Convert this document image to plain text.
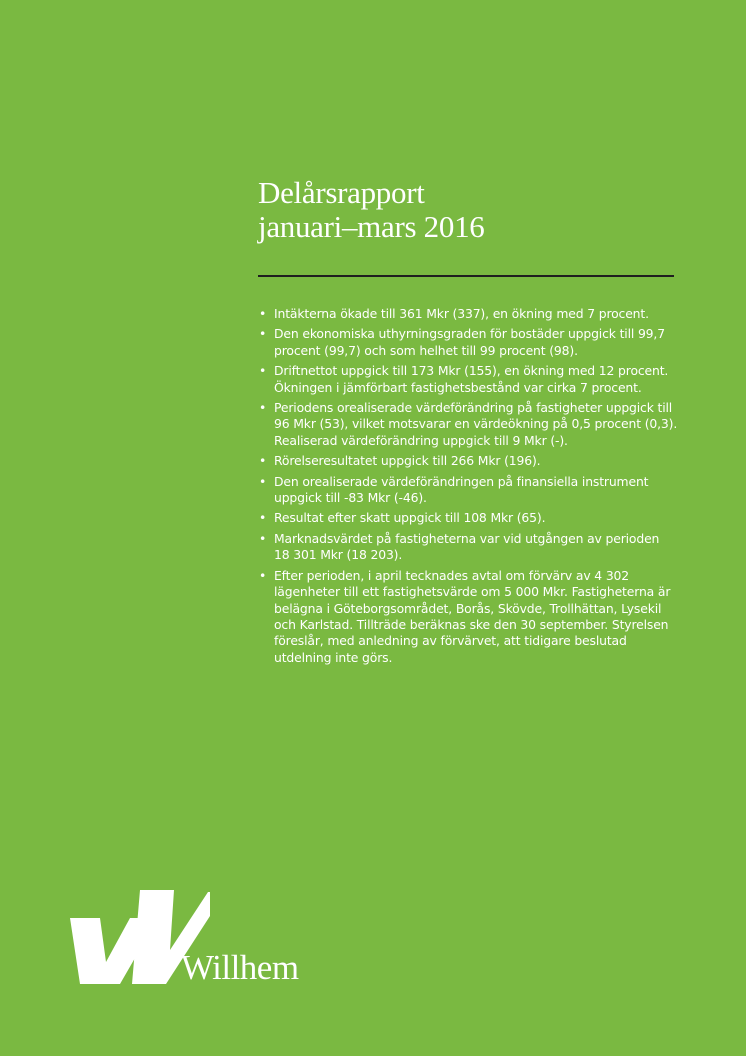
Delårsrapport
januari–mars 2016
• Intäkterna ökade till 361 Mkr (337), en ökning med 7 procent.
• Den ekonomiska uthyrningsgraden för bostäder uppgick till 99,7 procent (99,7) och som helhet till 99 procent (98).
• Driftnettot uppgick till 173 Mkr (155), en ökning med 12 procent. Ökningen i jämförbart fastighetsbestånd var cirka 7 procent.
• Periodens orealiserade värdeförändring på fastigheter uppgick till 96 Mkr (53), vilket motsvarar en värdeökning på 0,5 procent (0,3). Realiserad värdeförändring uppgick till 9 Mkr (-).
• Rörelseresultatet uppgick till 266 Mkr (196).
• Den orealiserade värdeförändringen på finansiella instrument uppgick till -83 Mkr (-46).
• Resultat efter skatt uppgick till 108 Mkr (65).
• Marknadsvärdet på fastigheterna var vid utgången av perioden 18 301 Mkr (18 203).
• Efter perioden, i april tecknades avtal om förvärv av 4 302 lägenheter till ett fastighetsvärde om 5 000 Mkr. Fastigheterna är belägna i Göteborgsområdet, Borås, Skövde, Trollhättan, Lysekil och Karlstad. Tillträde beräknas ske den 30 september. Styrelsen föreslår, med anledning av förvärvet, att tidigare beslutad utdelning inte görs.
Willhem
